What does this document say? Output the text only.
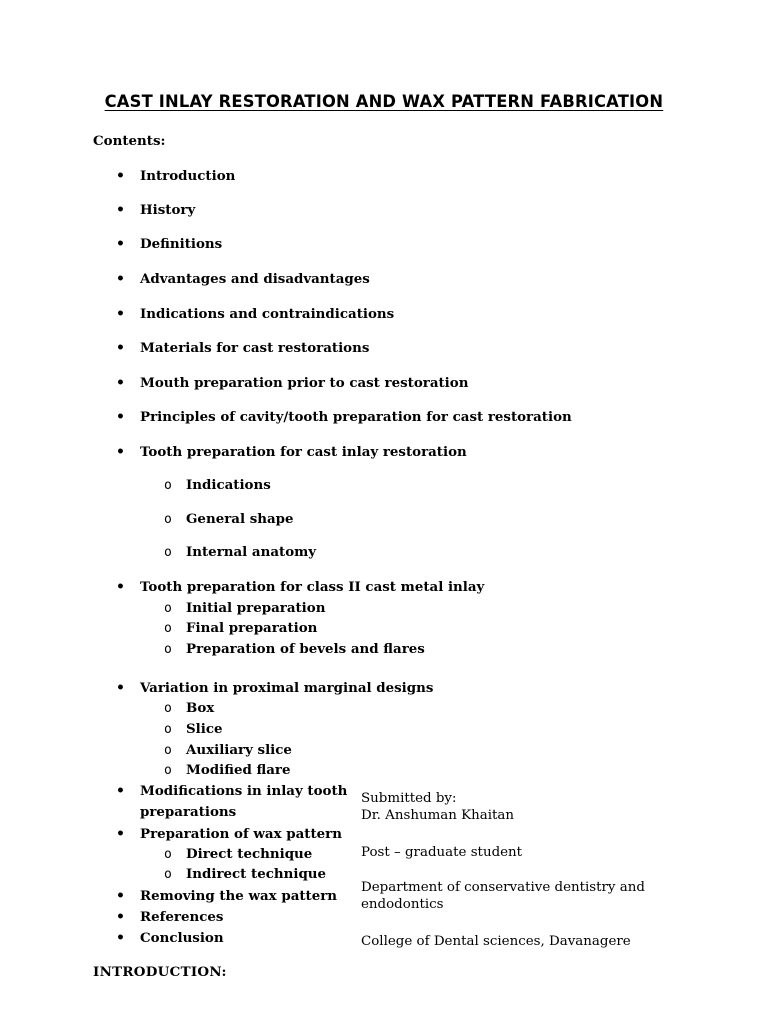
CAST INLAY RESTORATION AND WAX PATTERN FABRICATION
Contents:
• Introduction
• History
• Definitions
• Advantages and disadvantages
• Indications and contraindications
• Materials for cast restorations
• Mouth preparation prior to cast restoration
• Principles of cavity/tooth preparation for cast restoration
• Tooth preparation for cast inlay restoration
o Indications
o General shape
o Internal anatomy
• Tooth preparation for class II cast metal inlay
o Initial preparation
o Final preparation
o Preparation of bevels and flares
• Variation in proximal marginal designs
o Box
o Slice
o Auxiliary slice
o Modified flare
• Modifications in inlay tooth
preparations
• Preparation of wax pattern
o Direct technique
o Indirect technique
• Removing the wax pattern
• References
• Conclusion
Submitted by:
Dr. Anshuman Khaitan
Post – graduate student
Department of conservative dentistry and
endodontics
College of Dental sciences, Davanagere
INTRODUCTION:
